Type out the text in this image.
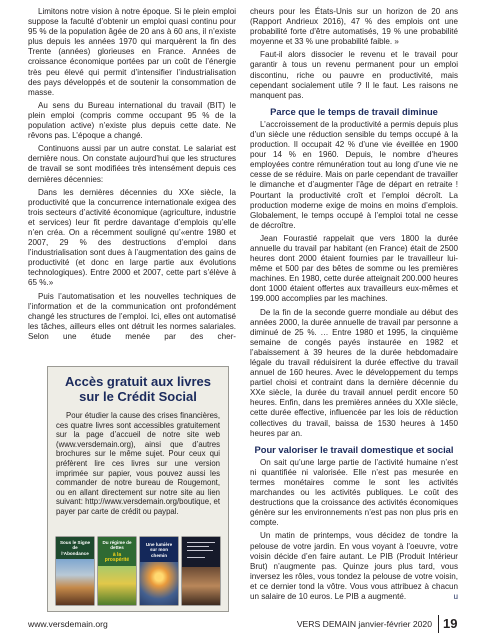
Limitons notre vision à notre époque. Si le plein emploi suppose la faculté d’obtenir un emploi quasi continu pour 95 % de la population âgée de 20 ans à 60 ans, il n’existe plus depuis les années 1970 qui marquèrent la fin des Trente (années) glorieuses en France. Années de croissance économique portées par un coût de l’énergie très peu élevé qui permit d’intensifier l’industrialisation des pays développés et de soutenir la consommation de masse.

Au sens du Bureau international du travail (BIT) le plein emploi (compris comme occupant 95 % de la population active) n’existe plus depuis cette date. Ne rêvons pas. L’époque a changé.

Continuons aussi par un autre constat. Le salariat est dernière nous. On constate aujourd’hui que les structures de travail se sont modifiées très intensément depuis ces dernières décennies:

Dans les dernières décennies du XXe siècle, la productivité que la concurrence internationale exigea des trois secteurs d’activité économique (agriculture, industrie et services) leur fit perdre davantage d’emplois qu’elle n’en créa. On a récemment souligné qu’«entre 1980 et 2007, 29 % des destructions d’emploi dans l’industrialisation sont dues à l’augmentation des gains de productivité (et donc en large partie aux évolutions technologiques). Entre 2000 et 2007, cette part s’élève à 65 %.»

Puis l’automatisation et les nouvelles techniques de l’information et de la communication ont profondément changé les structures de l’emploi. Ici, elles ont automatisé les tâches, ailleurs elles ont détruit les normes salariales. Selon une étude menée par des cher-

Accès gratuit aux livres
sur le Crédit Social

Pour étudier la cause des crises financières, ces quatre livres sont accessibles gratuitement sur la page d’accueil de notre site web (www.versdemain.org), ainsi que d’autres brochures sur le même sujet. Pour ceux qui préfèrent lire ces livres sur une version imprimée sur papier, vous pouvez aussi les commander de notre bureau de Rougemont, ou en allant directement sur notre site au lien suivant: http://www.versdemain.org/boutique, et payer par carte de crédit ou paypal.

Sous le Signe de l’Abondance
Du régime de dettes
à la prospérité
Une lumière sur mon chemin

cheurs pour les États-Unis sur un horizon de 20 ans (Rapport Andrieux 2016), 47 % des emplois ont une probabilité forte d’être automatisés, 19 % une probabilité moyenne et 33 % une probabilité faible. »

Faut-il alors dissocier le revenu et le travail pour garantir à tous un revenu permanent pour un emploi discontinu, riche ou pauvre en productivité, mais cependant socialement utile ? Il le faut. Les raisons ne manquent pas.

Parce que le temps de travail diminue

L’accroissement de la productivité a permis depuis plus d’un siècle une réduction sensible du temps occupé à la production. Il occupait 42 % d’une vie éveillée en 1900 pour 14 % en 1960. Depuis, le nombre d’heures employées contre rémunération tout au long d’une vie ne cesse de se réduire. Mais on parle cependant de travailler le dimanche et d’augmenter l’âge de départ en retraite ! Pourtant la productivité croît et l’emploi décroît. La production moderne exige de moins en moins d’emplois. Globalement, le temps occupé à l’emploi total ne cesse de décroître.

Jean Fourastié rappelait que vers 1800 la durée annuelle du travail par habitant (en France) était de 2500 heures dont 2000 étaient fournies par le travailleur lui-même et 500 par des bêtes de somme ou les premières machines. En 1980, cette durée atteignait 200.000 heures dont 1000 étaient offertes aux travailleurs eux-mêmes et 199.000 accomplies par les machines.

De la fin de la seconde guerre mondiale au début des années 2000, la durée annuelle de travail par personne a diminué de 25 %. … Entre 1980 et 1995, la cinquième semaine de congés payés instaurée en 1982 et l’abaissement à 39 heures de la durée hebdomadaire légale du travail réduisirent la durée effective du travail annuel de 160 heures. Avec le développement du temps partiel choisi et contraint dans la dernière décennie du XXe siècle, la durée du travail annuel perdit encore 50 heures. Enfin, dans les premières années du XXIe siècle, cette durée effective, influencée par les lois de réduction collectives du travail, baissa de 1530 heures à 1450 heures par an.

Pour valoriser le travail domestique et social

On sait qu’une large partie de l’activité humaine n’est ni quantifiée ni valorisée. Elle n’est pas mesurée en termes monétaires comme le sont les activités marchandes ou les activités publiques. Le coût des destructions que la croissance des activités économiques génère sur les environnements n’est pas non plus pris en compte.

Un matin de printemps, vous décidez de tondre la pelouse de votre jardin. En vous voyant à l’oeuvre, votre voisin décide d’en faire autant. Le PIB (Produit Intérieur Brut) n’augmente pas. Quinze jours plus tard, vous inversez les rôles, vous tondez la pelouse de votre voisin, et ce dernier tond la vôtre. Vous vous attribuez à chacun un salaire de 10 euros. Le PIB a augmenté.	u

www.versdemain.org	VERS DEMAIN janvier-février 2020 19
